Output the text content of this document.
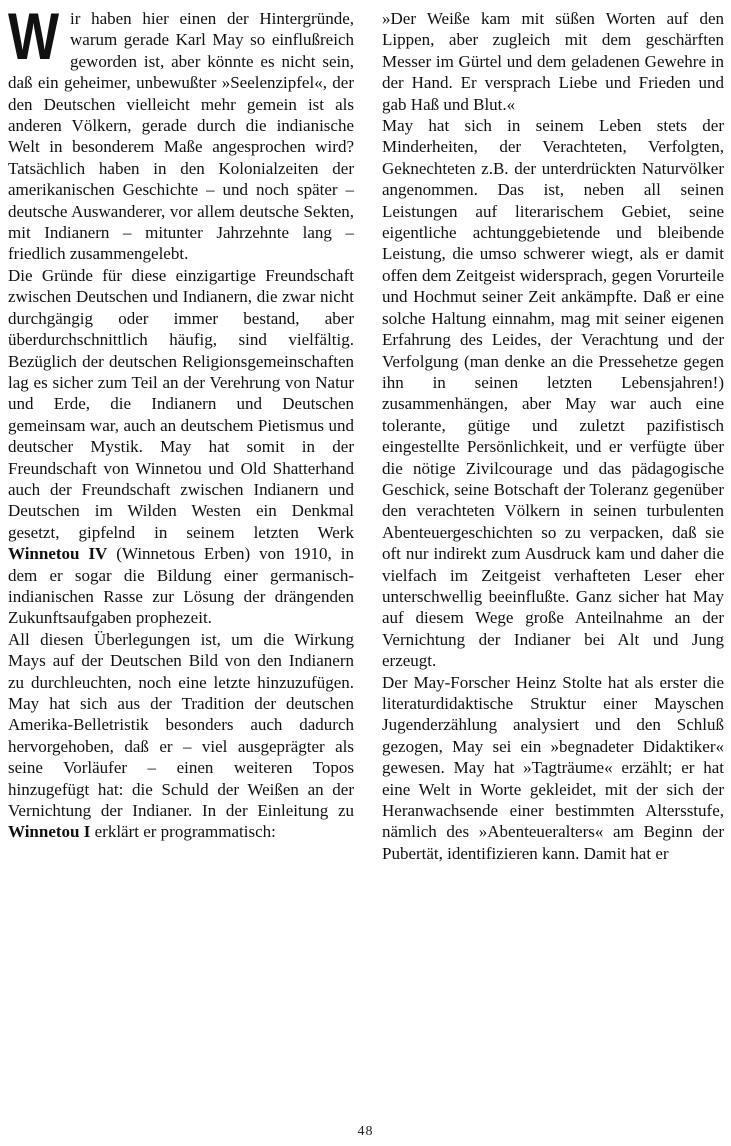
Wir haben hier einen der Hintergründe, warum gerade Karl May so einflußreich geworden ist, aber könnte es nicht sein, daß ein geheimer, unbewußter »Seelenzipfel«, der den Deutschen vielleicht mehr gemein ist als anderen Völkern, gerade durch die indianische Welt in besonderem Maße angesprochen wird? Tatsächlich haben in den Kolonialzeiten der amerikanischen Geschichte – und noch später – deutsche Auswanderer, vor allem deutsche Sekten, mit Indianern – mitunter Jahrzehnte lang – friedlich zusammengelebt.

Die Gründe für diese einzigartige Freundschaft zwischen Deutschen und Indianern, die zwar nicht durchgängig oder immer bestand, aber überdurchschnittlich häufig, sind vielfältig. Bezüglich der deutschen Religionsgemeinschaften lag es sicher zum Teil an der Verehrung von Natur und Erde, die Indianern und Deutschen gemeinsam war, auch an deutschem Pietismus und deutscher Mystik. May hat somit in der Freundschaft von Winnetou und Old Shatterhand auch der Freundschaft zwischen Indianern und Deutschen im Wilden Westen ein Denkmal gesetzt, gipfelnd in seinem letzten Werk Winnetou IV (Winnetous Erben) von 1910, in dem er sogar die Bildung einer germanisch-indianischen Rasse zur Lösung der drängenden Zukunftsaufgaben prophezeit.

All diesen Überlegungen ist, um die Wirkung Mays auf der Deutschen Bild von den Indianern zu durchleuchten, noch eine letzte hinzuzufügen. May hat sich aus der Tradition der deutschen Amerika-Belletristik besonders auch dadurch hervorgehoben, daß er – viel ausgeprägter als seine Vorläufer – einen weiteren Topos hinzugefügt hat: die Schuld der Weißen an der Vernichtung der Indianer. In der Einleitung zu Winnetou I erklärt er programmatisch:

»Der Weiße kam mit süßen Worten auf den Lippen, aber zugleich mit dem geschärften Messer im Gürtel und dem geladenen Gewehre in der Hand. Er versprach Liebe und Frieden und gab Haß und Blut.«

May hat sich in seinem Leben stets der Minderheiten, der Verachteten, Verfolgten, Geknechteten z.B. der unterdrückten Naturvölker angenommen. Das ist, neben all seinen Leistungen auf literarischem Gebiet, seine eigentliche achtunggebietende und bleibende Leistung, die umso schwerer wiegt, als er damit offen dem Zeitgeist widersprach, gegen Vorurteile und Hochmut seiner Zeit ankämpfte. Daß er eine solche Haltung einnahm, mag mit seiner eigenen Erfahrung des Leides, der Verachtung und der Verfolgung (man denke an die Pressehetze gegen ihn in seinen letzten Lebensjahren!) zusammenhängen, aber May war auch eine tolerante, gütige und zuletzt pazifistisch eingestellte Persönlichkeit, und er verfügte über die nötige Zivilcourage und das pädagogische Geschick, seine Botschaft der Toleranz gegenüber den verachteten Völkern in seinen turbulenten Abenteuergeschichten so zu verpacken, daß sie oft nur indirekt zum Ausdruck kam und daher die vielfach im Zeitgeist verhafteten Leser eher unterschwellig beeinflußte. Ganz sicher hat May auf diesem Wege große Anteilnahme an der Vernichtung der Indianer bei Alt und Jung erzeugt.

Der May-Forscher Heinz Stolte hat als erster die literaturdidaktische Struktur einer Mayschen Jugenderzählung analysiert und den Schluß gezogen, May sei ein »begnadeter Didaktiker« gewesen. May hat »Tagträume« erzählt; er hat eine Welt in Worte gekleidet, mit der sich der Heranwachsende einer bestimmten Altersstufe, nämlich des »Abenteueralters« am Beginn der Pubertät, identifizieren kann. Damit hat er

48
